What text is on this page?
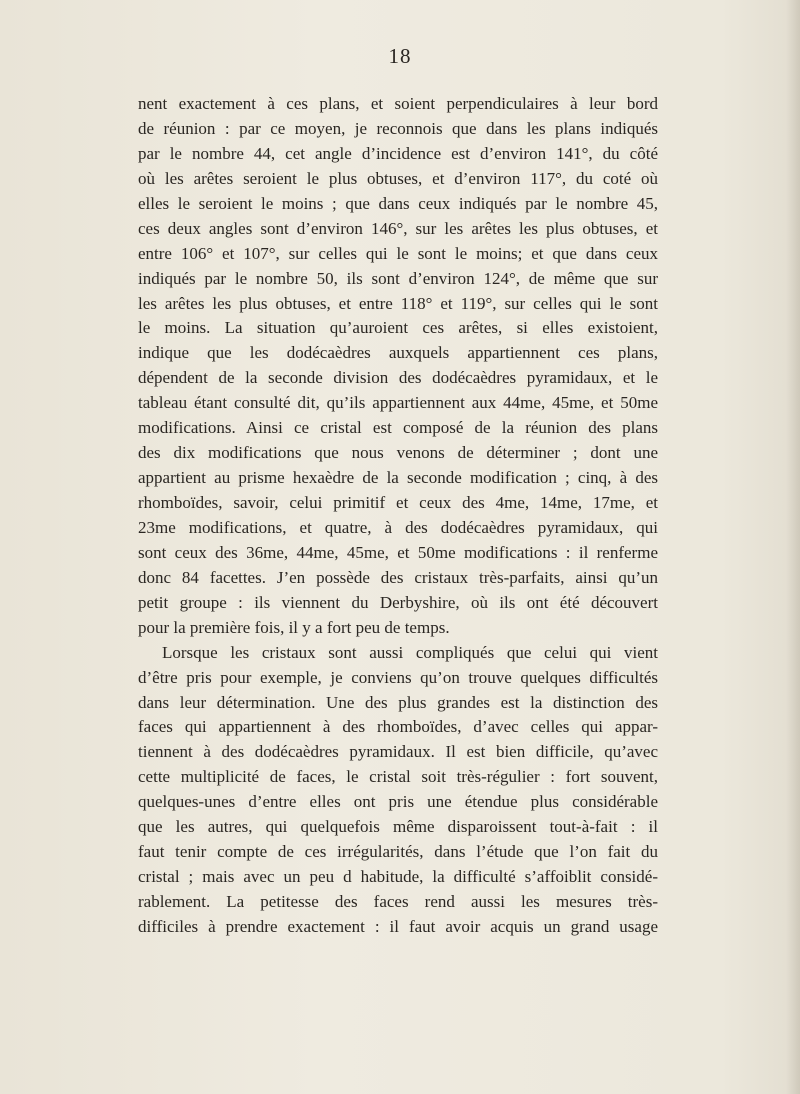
18
nent exactement à ces plans, et soient perpendiculaires à leur bord
de réunion : par ce moyen, je reconnois que dans les plans indiqués
par le nombre 44, cet angle d’incidence est d’environ 141°, du côté
où les arêtes seroient le plus obtuses, et d’environ 117°, du coté où
elles le seroient le moins ; que dans ceux indiqués par le nombre 45,
ces deux angles sont d’environ 146°, sur les arêtes les plus obtuses, et
entre 106° et 107°, sur celles qui le sont le moins; et que dans ceux
indiqués par le nombre 50, ils sont d’environ 124°, de même que sur
les arêtes les plus obtuses, et entre 118° et 119°, sur celles qui le sont
le moins. La situation qu’auroient ces arêtes, si elles existoient,
indique que les dodécaèdres auxquels appartiennent ces plans,
dépendent de la seconde division des dodécaèdres pyramidaux, et le
tableau étant consulté dit, qu’ils appartiennent aux 44me, 45me, et 50me
modifications. Ainsi ce cristal est composé de la réunion des plans
des dix modifications que nous venons de déterminer ; dont une
appartient au prisme hexaèdre de la seconde modification ; cinq, à des
rhomboïdes, savoir, celui primitif et ceux des 4me, 14me, 17me, et
23me modifications, et quatre, à des dodécaèdres pyramidaux, qui
sont ceux des 36me, 44me, 45me, et 50me modifications : il renferme
donc 84 facettes. J’en possède des cristaux très-parfaits, ainsi qu’un
petit groupe : ils viennent du Derbyshire, où ils ont été découvert
pour la première fois, il y a fort peu de temps.
Lorsque les cristaux sont aussi compliqués que celui qui vient
d’être pris pour exemple, je conviens qu’on trouve quelques difficultés
dans leur détermination. Une des plus grandes est la distinction des
faces qui appartiennent à des rhomboïdes, d’avec celles qui appar-
tiennent à des dodécaèdres pyramidaux. Il est bien difficile, qu’avec
cette multiplicité de faces, le cristal soit très-régulier : fort souvent,
quelques-unes d’entre elles ont pris une étendue plus considérable
que les autres, qui quelquefois même disparoissent tout-à-fait : il
faut tenir compte de ces irrégularités, dans l’étude que l’on fait du
cristal ; mais avec un peu d habitude, la difficulté s’affoiblit considé-
rablement. La petitesse des faces rend aussi les mesures très-
difficiles à prendre exactement : il faut avoir acquis un grand usage
